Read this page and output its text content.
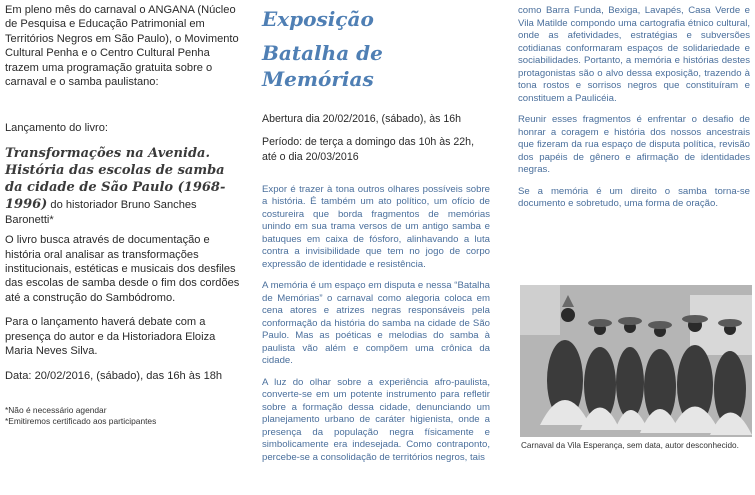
Em pleno mês do carnaval o ANGANA (Núcleo de Pesquisa e Educação Patrimonial em Territórios Negros em São Paulo), o Movimento Cultural Penha e o Centro Cultural Penha trazem uma programação gratuita sobre o carnaval e o samba paulistano:

Lançamento do livro:

Transformações na Avenida. História das escolas de samba da cidade de São Paulo (1968-1996) do historiador Bruno Sanches Baronetti*

O livro busca através de documentação e história oral analisar as transformações institucionais, estéticas e musicais dos desfiles das escolas de samba desde o fim dos cordões até a construção do Sambódromo.

Para o lançamento haverá debate com a presença do autor e da Historiadora Eloiza Maria Neves Silva.

Data: 20/02/2016, (sábado), das 16h às 18h

*Não é necessário agendar

*Emitiremos certificado aos participantes

Exposição

Batalha de Memórias

Abertura dia 20/02/2016, (sábado), às 16h

Período: de terça a domingo das 10h às 22h, até o dia 20/03/2016

Expor é trazer à tona outros olhares possíveis sobre a história. É também um ato político, um ofício de costureira que borda fragmentos de memórias unindo em sua trama versos de um antigo samba e batuques em caixa de fósforo, alinhavando a luta contra a invisibilidade que tem no jogo de corpo expressão de identidade e resistência.

A memória é um espaço em disputa e nessa “Batalha de Memórias” o carnaval como alegoria coloca em cena atores e atrizes negras responsáveis pela conformação da história do samba na cidade de São Paulo. Mas as poéticas e melodias do samba à paulista vão além e compõem uma crônica da cidade.

A luz do olhar sobre a experiência afro-paulista, converte-se em um potente instrumento para refletir sobre a formação dessa cidade, denunciando um planejamento urbano de caráter higienista, onde a presença da população negra físicamente e simbolicamente era indesejada. Como contraponto, percebe-se a consolidação de territórios negros, tais

como Barra Funda, Bexiga, Lavapés, Casa Verde e Vila Matilde compondo uma cartografia étnico cultural, onde as afetividades, estratégias e subversões cotidianas conformaram espaços de solidariedade e sociabilidades. Portanto, a memória e histórias destes protagonistas são o alvo dessa exposição, trazendo à tona rostos e sorrisos negros que constituíram e constituem a Paulicéia.

Reunir esses fragmentos é enfrentar o desafio de honrar a coragem e história dos nossos ancestrais que fizeram da rua espaço de disputa política, revisão dos papéis de gênero e afirmação de identidades negras.

Se a memória é um direito o samba torna-se documento e sobretudo, uma forma de oração.

Carnaval da Vila Esperança, sem data, autor desconhecido.
